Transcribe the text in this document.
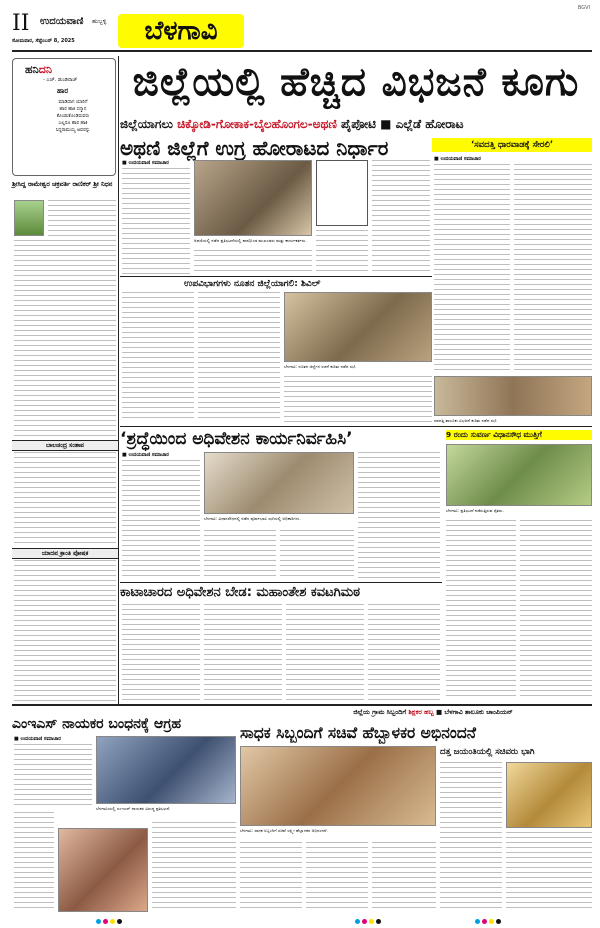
II ಉದಯವಾಣಿ ಹುಬ್ಬಳ್ಳಿ
ಸೋಮವಾರ, ಸೆಪ್ಟೆಂಬರ್ 8, 2025	ಬೆಳಗಾವಿ
BGVI
ಹನಿದನಿ
- ಎಚ್. ಡುಂಡಿರಾಜ್
ಹಾರ
ಮಾಡಿದಾಗ ಯಾರಿಗೆ
ಹಾರ ಹಾಕಿ ಸನ್ಮಾನ
ಕೊಂಡುಕೊಂಡಿರುವರು
ಎಲ್ಲರೂ ಹಾರ ಹಾಕಿ
ಸಿದ್ದರಾಮಯ್ಯ ಅವರನ್ನು
ಶ್ರೀಸಿದ್ದ ರಾಮೇಶ್ವರ ಚಕ್ರವರ್ತಿ ರಾಣಿಕರ್ ಶ್ರೀ ನಿಧನ
ಬಾಲಚಂದ್ರ ಸಂತಾಪ
ಯಾದವ ಕ್ರಾಂತಿ ಪೋಷಕ
ಜಿಲ್ಲೆಯಲ್ಲಿ ಹೆಚ್ಚಿದ ವಿಭಜನೆ ಕೂಗು
ಜಿಲ್ಲೆಯಾಗಲು ಚಿಕ್ಕೋಡಿ-ಗೋಕಾಕ-ಬೈಲಹೊಂಗಲ-ಅಥಣಿ ಪೈಪೋಟಿ ■ ಎಲ್ಲೆಡೆ ಹೋರಾಟ
ಅಥಣಿ ಜಿಲ್ಲೆಗೆ ಉಗ್ರ ಹೋರಾಟದ ನಿರ್ಧಾರ	‘ಸವದತ್ತಿ ಧಾರವಾಡಕ್ಕೆ ಸೇರಲಿ’
■ ಉದಯವಾಣಿ ಸಮಾಚಾರ
ಅಥಣಿಯಲ್ಲಿ ನಡೆದ ಪ್ರತಿಭಟನೆಯಲ್ಲಿ ಪಾಲ್ಗೊಂಡ ಮುಖಂಡರು ಮತ್ತು ಕಾರ್ಯಕರ್ತರು.
■ ಉದಯವಾಣಿ ಸಮಾಚಾರ
ಸವದತ್ತಿ ತಾಲೂಕು ವಿಭಜನೆ ಕುರಿತು ನಡೆದ ಸಭೆ.
ಉಪವಿಭಾಗಗಳು ನೂತನ ಜಿಲ್ಲೆಯಾಗಲಿ: ಶಿವಿಲ್
ಬೆಳಗಾವಿ: ನೂತನ ಜಿಲ್ಲೆಗಳ ರಚನೆ ಕುರಿತು ನಡೆದ ಸಭೆ.
‘ಶ್ರದ್ಧೆಯಿಂದ ಅಧಿವೇಶನ ಕಾರ್ಯನಿರ್ವಹಿಸಿ’
■ ಉದಯವಾಣಿ ಸಮಾಚಾರ
ಬೆಳಗಾವಿ: ವಿಧಾನಸೌಧದಲ್ಲಿ ನಡೆದ ಪೂರ್ವಭಾವಿ ಸಭೆಯಲ್ಲಿ ಅಧಿಕಾರಿಗಳು.
9 ರಂದು ಸುವರ್ಣ ವಿಧಾನಸೌಧ ಮುತ್ತಿಗೆ
ಬೆಳಗಾವಿ: ಪ್ರತಿಭಟನೆ ನಡೆಸುತ್ತಿರುವ ರೈತರು.
ಕಾಟಾಚಾರದ ಅಧಿವೇಶನ ಬೇಡ: ಮಹಾಂತೇಶ ಕವಟಗಿಮಠ
ಎಂಇಎಸ್ ನಾಯಕರ ಬಂಧನಕ್ಕೆ ಆಗ್ರಹ
■ ಉದಯವಾಣಿ ಸಮಾಚಾರ
ಬೆಳಗಾವಿಯಲ್ಲಿ ಎಂಇಎಸ್ ನಾಯಕರ ವಿರುದ್ಧ ಪ್ರತಿಭಟನೆ.
ಜಿಲ್ಲೆಯ ಗ್ರಾಮ ಸಿಬ್ಬಂದಿಗೆ ಶಿಕ್ಷಕರ ಹಬ್ಬ ■ ಬೆಳಗಾವಿ ತಾಲೂಕು ಚಾಂಪಿಯನ್
ಸಾಧಕ ಸಿಬ್ಬಂದಿಗೆ ಸಚಿವೆ ಹೆಬ್ಬಾಳಕರ ಅಭಿನಂದನೆ
ದತ್ತ ಜಯಂತಿಯಲ್ಲಿ ಸಚಿವರು ಭಾಗಿ
ಬೆಳಗಾವಿ: ಸಾಧಕ ಸಿಬ್ಬಂದಿಗೆ ಸಚಿವೆ ಲಕ್ಷ್ಮೀ ಹೆಬ್ಬಾಳಕರ ಅಭಿನಂದನೆ.
